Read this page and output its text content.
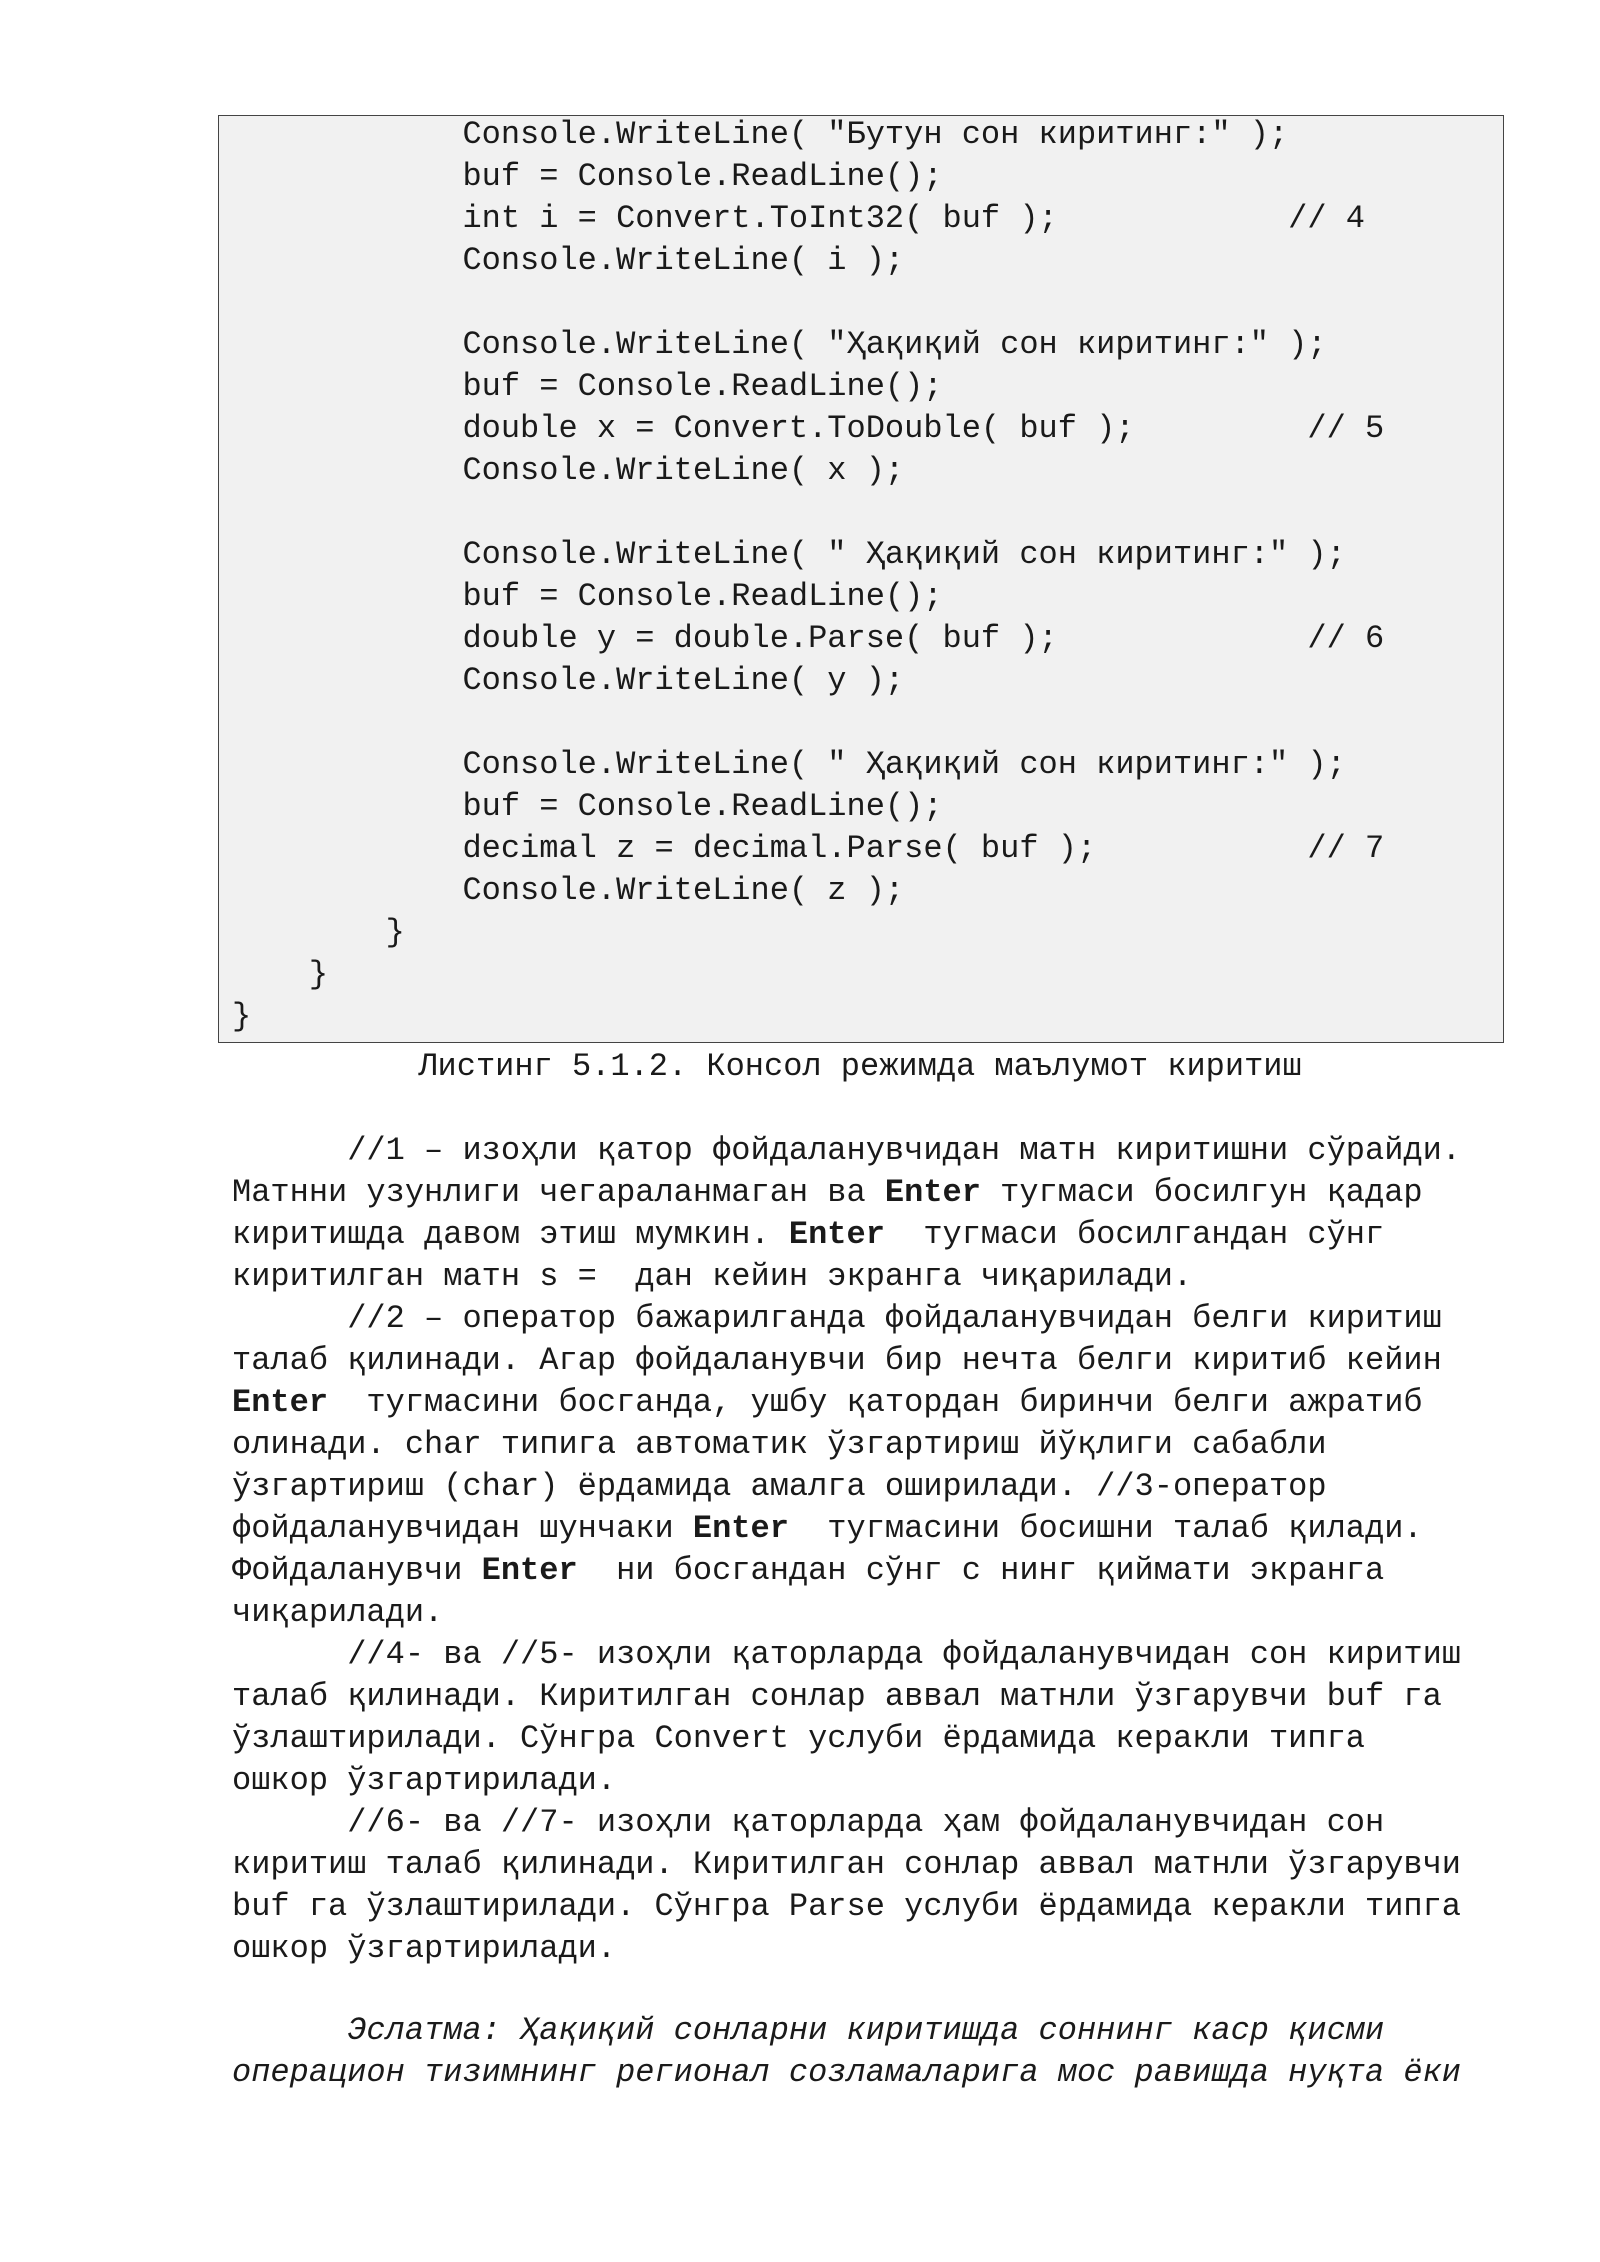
Console.WriteLine( "Бутун сон киритинг:" );
buf = Console.ReadLine();
int i = Convert.ToInt32( buf );            // 4
Console.WriteLine( i );
Console.WriteLine( "Ҳақиқий сон киритинг:" );
buf = Console.ReadLine();
double x = Convert.ToDouble( buf );         // 5
Console.WriteLine( x );
Console.WriteLine( " Ҳақиқий сон киритинг:" );
buf = Console.ReadLine();
double y = double.Parse( buf );             // 6
Console.WriteLine( y );
Console.WriteLine( " Ҳақиқий сон киритинг:" );
buf = Console.ReadLine();
decimal z = decimal.Parse( buf );           // 7
Console.WriteLine( z );
}
}
}
Листинг 5.1.2. Консол режимда маълумот киритиш
//1 – изоҳли қатор фойдаланувчидан матн киритишни сўрайди.
Матнни узунлиги чегараланмаган ва Enter тугмаси босилгун қадар
киритишда давом этиш мумкин. Enter  тугмаси босилгандан сўнг
киритилган матн s =  дан кейин экранга чиқарилади.
//2 – оператор бажарилганда фойдаланувчидан белги киритиш
талаб қилинади. Агар фойдаланувчи бир нечта белги киритиб кейин
Enter  тугмасини босганда, ушбу қатордан биринчи белги ажратиб
олинади. char типига автоматик ўзгартириш йўқлиги сабабли
ўзгартириш (char) ёрдамида амалга оширилади. //3-оператор
фойдаланувчидан шунчаки Enter  тугмасини босишни талаб қилади.
Фойдаланувчи Enter  ни босгандан сўнг c нинг қиймати экранга
чиқарилади.
//4- ва //5- изоҳли қаторларда фойдаланувчидан сон киритиш
талаб қилинади. Киритилган сонлар аввал матнли ўзгарувчи buf га
ўзлаштирилади. Сўнгра Convert услуби ёрдамида керакли типга
ошкор ўзгартирилади.
//6- ва //7- изоҳли қаторларда ҳам фойдаланувчидан сон
киритиш талаб қилинади. Киритилган сонлар аввал матнли ўзгарувчи
buf га ўзлаштирилади. Сўнгра Parse услуби ёрдамида керакли типга
ошкор ўзгартирилади.
Эслатма: Ҳақиқий сонларни киритишда соннинг каср қисми
операцион тизимнинг регионал созламаларига мос равишда нуқта ёки
